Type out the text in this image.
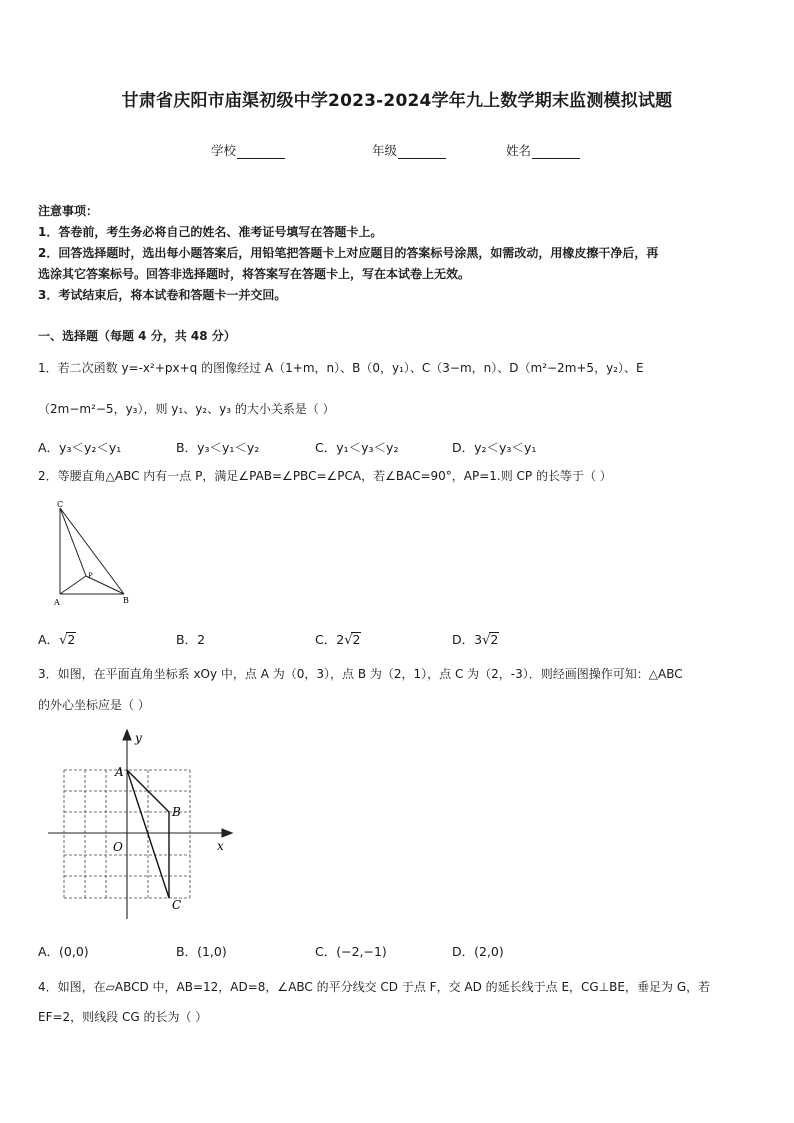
甘肃省庆阳市庙渠初级中学2023-2024学年九上数学期末监测模拟试题
学校	年级	姓名
注意事项：
1．答卷前，考生务必将自己的姓名、准考证号填写在答题卡上。
2．回答选择题时，选出每小题答案后，用铅笔把答题卡上对应题目的答案标号涂黑，如需改动，用橡皮擦干净后，再
选涂其它答案标号。回答非选择题时，将答案写在答题卡上，写在本试卷上无效。
3．考试结束后，将本试卷和答题卡一并交回。
一、选择题（每题 4 分，共 48 分）
1．若二次函数 y=-x²+px+q 的图像经过 A（1+m，n）、B（0，y₁）、C（3−m，n）、D（m²−2m+5，y₂）、E
（2m−m²−5，y₃），则 y₁、y₂、y₃ 的大小关系是（ ）
A．y₃＜y₂＜y₁	B．y₃＜y₁＜y₂	C．y₁＜y₃＜y₂	D．y₂＜y₃＜y₁
2．等腰直角△ABC 内有一点 P，满足∠PAB=∠PBC=∠PCA，若∠BAC=90°，AP=1.则 CP 的长等于（ ）
C
P
A	B
A．√2	B．2	C．2√2	D．3√2
3．如图，在平面直角坐标系 xOy 中，点 A 为（0，3），点 B 为（2，1），点 C 为（2，-3）．则经画图操作可知：△ABC
的外心坐标应是（ ）
y
x
O
A
B
C
A．(0,0)	B．(1,0)	C．(−2,−1)	D．(2,0)
4．如图，在▱ABCD 中，AB=12，AD=8，∠ABC 的平分线交 CD 于点 F，交 AD 的延长线于点 E，CG⊥BE，垂足为 G，若
EF=2，则线段 CG 的长为（ ）
